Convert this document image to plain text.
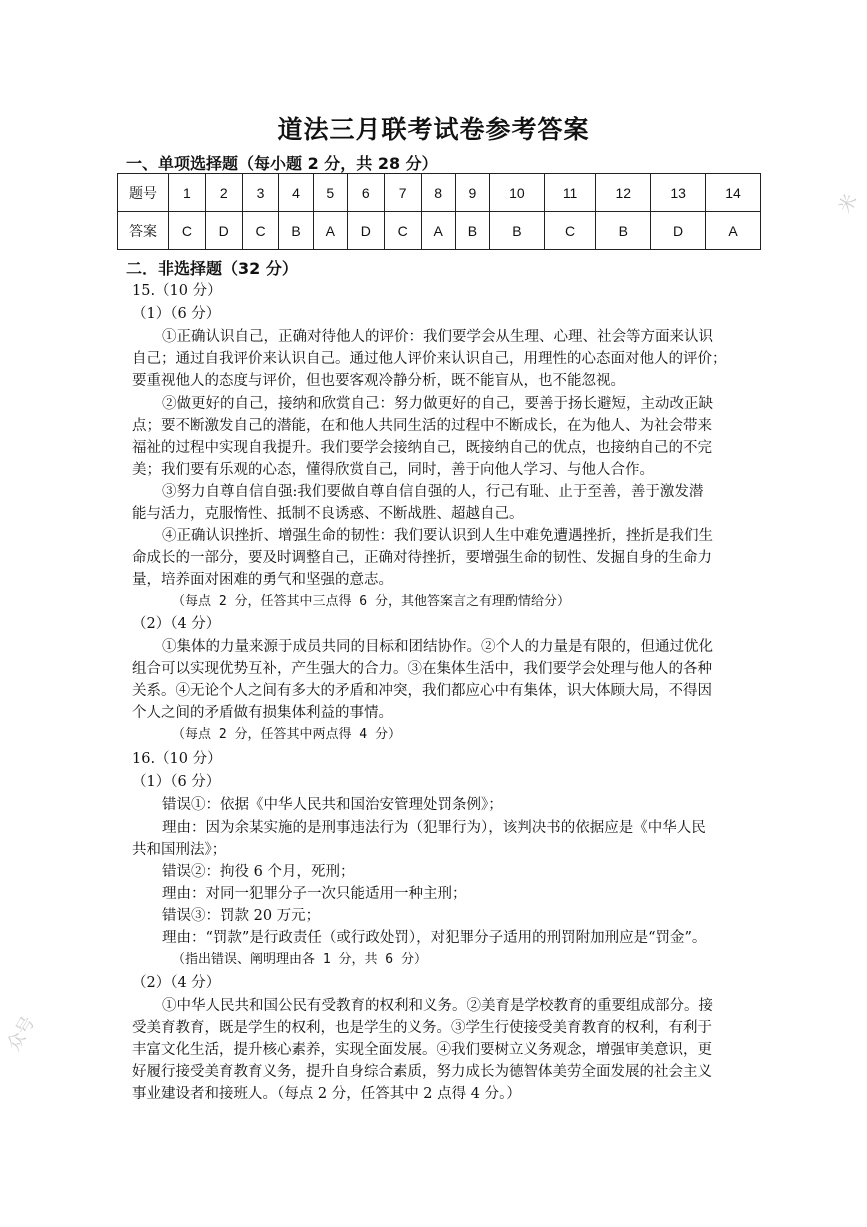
道法三月联考试卷参考答案
一、单项选择题（每小题 2 分，共 28 分）
题号	1	2	3	4	5	6	7	8	9	10	11	12	13	14
答案	C	D	C	B	A	D	C	A	B	B	C	B	D	A
二．非选择题（32 分）
15.（10 分）
（1）（6 分）
①正确认识自己，正确对待他人的评价：我们要学会从生理、心理、社会等方面来认识
自己；通过自我评价来认识自己。通过他人评价来认识自己，用理性的心态面对他人的评价；
要重视他人的态度与评价，但也要客观冷静分析，既不能盲从，也不能忽视。
②做更好的自己，接纳和欣赏自己：努力做更好的自己，要善于扬长避短，主动改正缺
点；要不断激发自己的潜能，在和他人共同生活的过程中不断成长，在为他人、为社会带来
福祉的过程中实现自我提升。我们要学会接纳自己，既接纳自己的优点，也接纳自己的不完
美；我们要有乐观的心态，懂得欣赏自己，同时，善于向他人学习、与他人合作。
③努力自尊自信自强:我们要做自尊自信自强的人，行己有耻、止于至善，善于激发潜
能与活力，克服惰性、抵制不良诱惑、不断战胜、超越自己。
④正确认识挫折、增强生命的韧性：我们要认识到人生中难免遭遇挫折，挫折是我们生
命成长的一部分，要及时调整自己，正确对待挫折，要增强生命的韧性、发掘自身的生命力
量，培养面对困难的勇气和坚强的意志。
（每点 2 分，任答其中三点得 6 分，其他答案言之有理酌情给分）
（2）（4 分）
①集体的力量来源于成员共同的目标和团结协作。②个人的力量是有限的，但通过优化
组合可以实现优势互补，产生强大的合力。③在集体生活中，我们要学会处理与他人的各种
关系。④无论个人之间有多大的矛盾和冲突，我们都应心中有集体，识大体顾大局，不得因
个人之间的矛盾做有损集体利益的事情。
（每点 2 分，任答其中两点得 4 分）
16.（10 分）
（1）（6 分）
错误①：依据《中华人民共和国治安管理处罚条例》；
理由：因为余某实施的是刑事违法行为（犯罪行为），该判决书的依据应是《中华人民
共和国刑法》；
错误②：拘役 6 个月，死刑；
理由：对同一犯罪分子一次只能适用一种主刑；
错误③：罚款 20 万元；
理由：“罚款”是行政责任（或行政处罚），对犯罪分子适用的刑罚附加刑应是“罚金”。
（指出错误、阐明理由各 1 分，共 6 分）
（2）（4 分）
①中华人民共和国公民有受教育的权利和义务。②美育是学校教育的重要组成部分。接
受美育教育，既是学生的权利，也是学生的义务。③学生行使接受美育教育的权利，有利于
丰富文化生活，提升核心素养，实现全面发展。④我们要树立义务观念，增强审美意识，更
好履行接受美育教育义务，提升自身综合素质，努力成长为德智体美劳全面发展的社会主义
事业建设者和接班人。（每点 2 分，任答其中 2 点得 4 分。）
米
众号
